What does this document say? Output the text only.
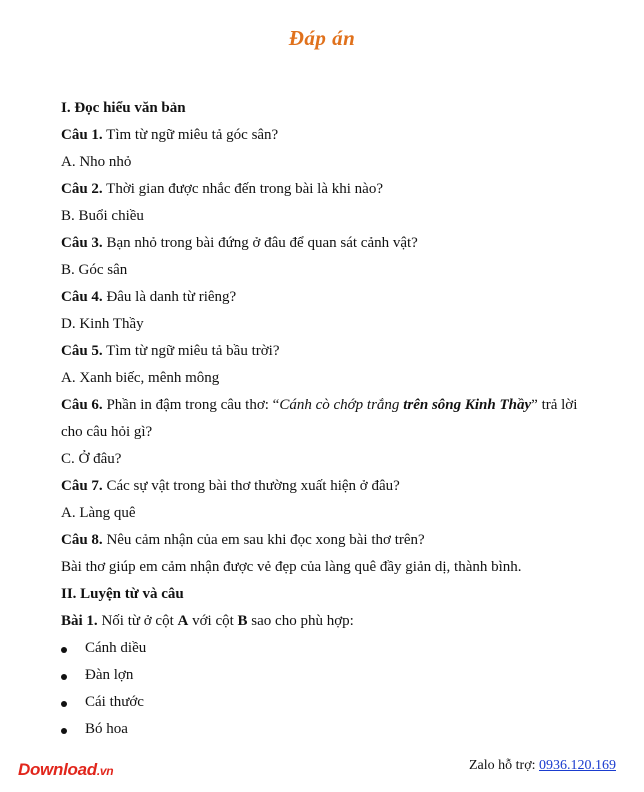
Đáp án

I. Đọc hiểu văn bản

Câu 1. Tìm từ ngữ miêu tả góc sân?

A. Nho nhỏ

Câu 2. Thời gian được nhắc đến trong bài là khi nào?

B. Buổi chiều

Câu 3. Bạn nhỏ trong bài đứng ở đâu để quan sát cảnh vật?

B. Góc sân

Câu 4. Đâu là danh từ riêng?

D. Kinh Thầy

Câu 5. Tìm từ ngữ miêu tả bầu trời?

A. Xanh biếc, mênh mông

Câu 6. Phần in đậm trong câu thơ: “Cánh cò chớp trắng trên sông Kinh Thầy” trả lời cho câu hỏi gì?

C. Ở đâu?

Câu 7. Các sự vật trong bài thơ thường xuất hiện ở đâu?

A. Làng quê

Câu 8. Nêu cảm nhận của em sau khi đọc xong bài thơ trên?

Bài thơ giúp em cảm nhận được vẻ đẹp của làng quê đầy giản dị, thành bình.

II. Luyện từ và câu

Bài 1. Nối từ ở cột A với cột B sao cho phù hợp:

Cánh diều
Đàn lợn
Cái thước
Bó hoa
Download.vn	Zalo hỗ trợ: 0936.120.169
